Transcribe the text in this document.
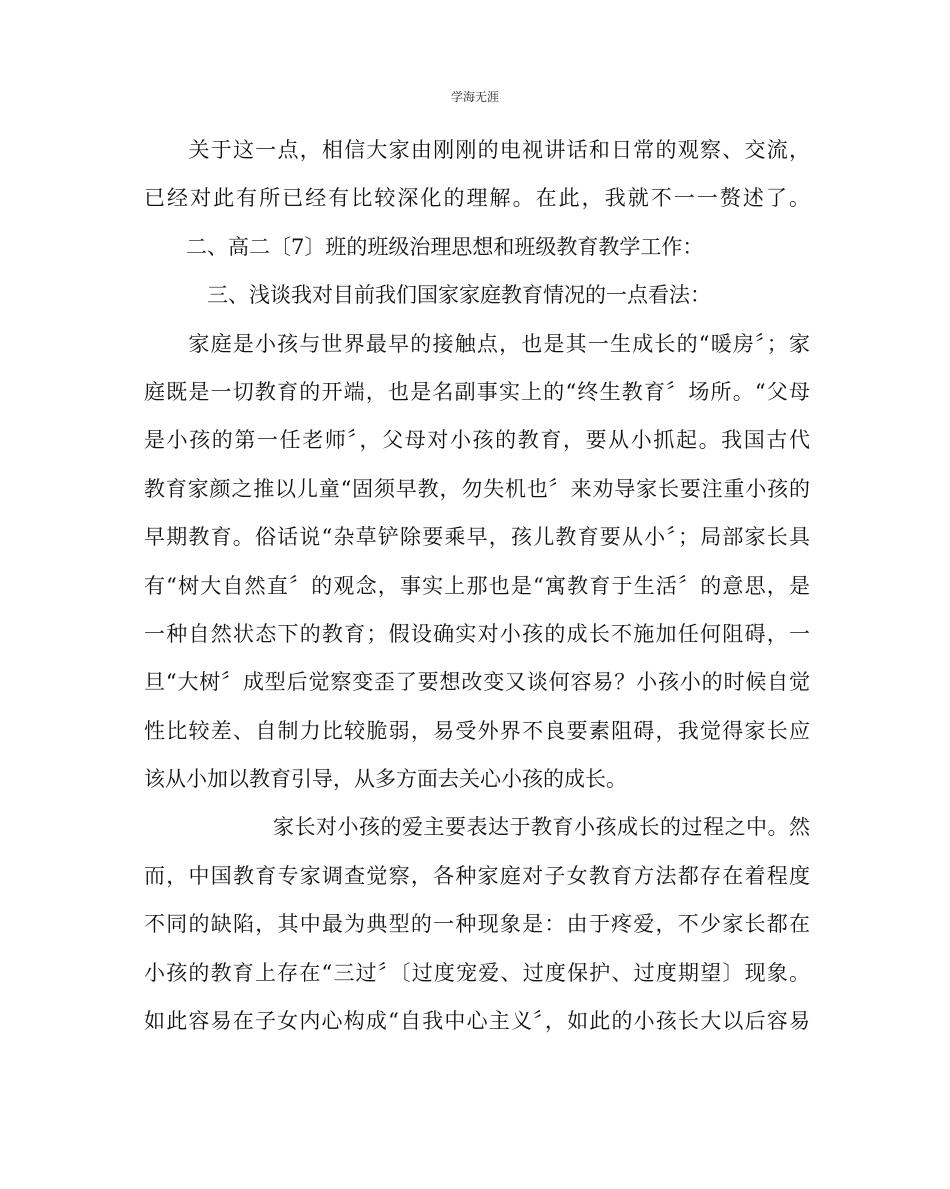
学海无涯
　　关于这一点，相信大家由刚刚的电视讲话和日常的观察、交流，
已经对此有所已经有比较深化的理解。在此，我就不一一赘述了。
　　二、高二〔7〕班的班级治理思想和班级教育教学工作：
　　　三、浅谈我对目前我们国家家庭教育情况的一点看法：
　　家庭是小孩与世界最早的接触点，也是其一生成长的“暖房〞；家
庭既是一切教育的开端，也是名副事实上的“终生教育〞场所。“父母
是小孩的第一任老师〞，父母对小孩的教育，要从小抓起。我国古代
教育家颜之推以儿童“固须早教，勿失机也〞来劝导家长要注重小孩的
早期教育。俗话说“杂草铲除要乘早，孩儿教育要从小〞；局部家长具
有“树大自然直〞的观念，事实上那也是“寓教育于生活〞的意思，是
一种自然状态下的教育；假设确实对小孩的成长不施加任何阻碍，一
旦“大树〞成型后觉察变歪了要想改变又谈何容易？小孩小的时候自觉
性比较差、自制力比较脆弱，易受外界不良要素阻碍，我觉得家长应
该从小加以教育引导，从多方面去关心小孩的成长。
　　　　　　家长对小孩的爱主要表达于教育小孩成长的过程之中。然
而，中国教育专家调查觉察，各种家庭对子女教育方法都存在着程度
不同的缺陷，其中最为典型的一种现象是：由于疼爱，不少家长都在
小孩的教育上存在“三过〞〔过度宠爱、过度保护、过度期望〕现象。
如此容易在子女内心构成“自我中心主义〞，如此的小孩长大以后容易
